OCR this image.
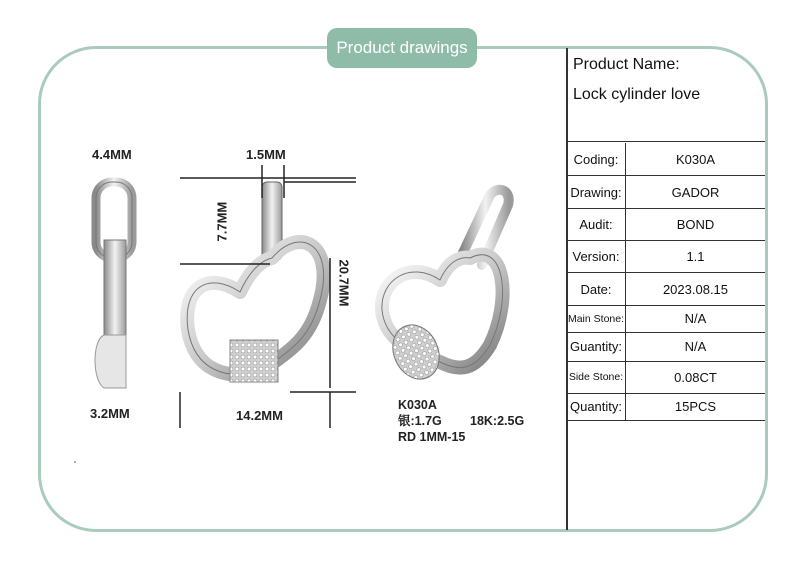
Product drawings
Product Name:
Lock cylinder love
Coding:	K030A
Drawing:	GADOR
Audit:	BOND
Version:	1.1
Date:	2023.08.15
Main Stone:	N/A
Guantity:	N/A
Side Stone:	0.08CT
Quantity:	15PCS
4.4MM	1.5MM
7.7MM
20.7MM
3.2MM	14.2MM
K030A
银:1.7G 18K:2.5G
RD 1MM-15
